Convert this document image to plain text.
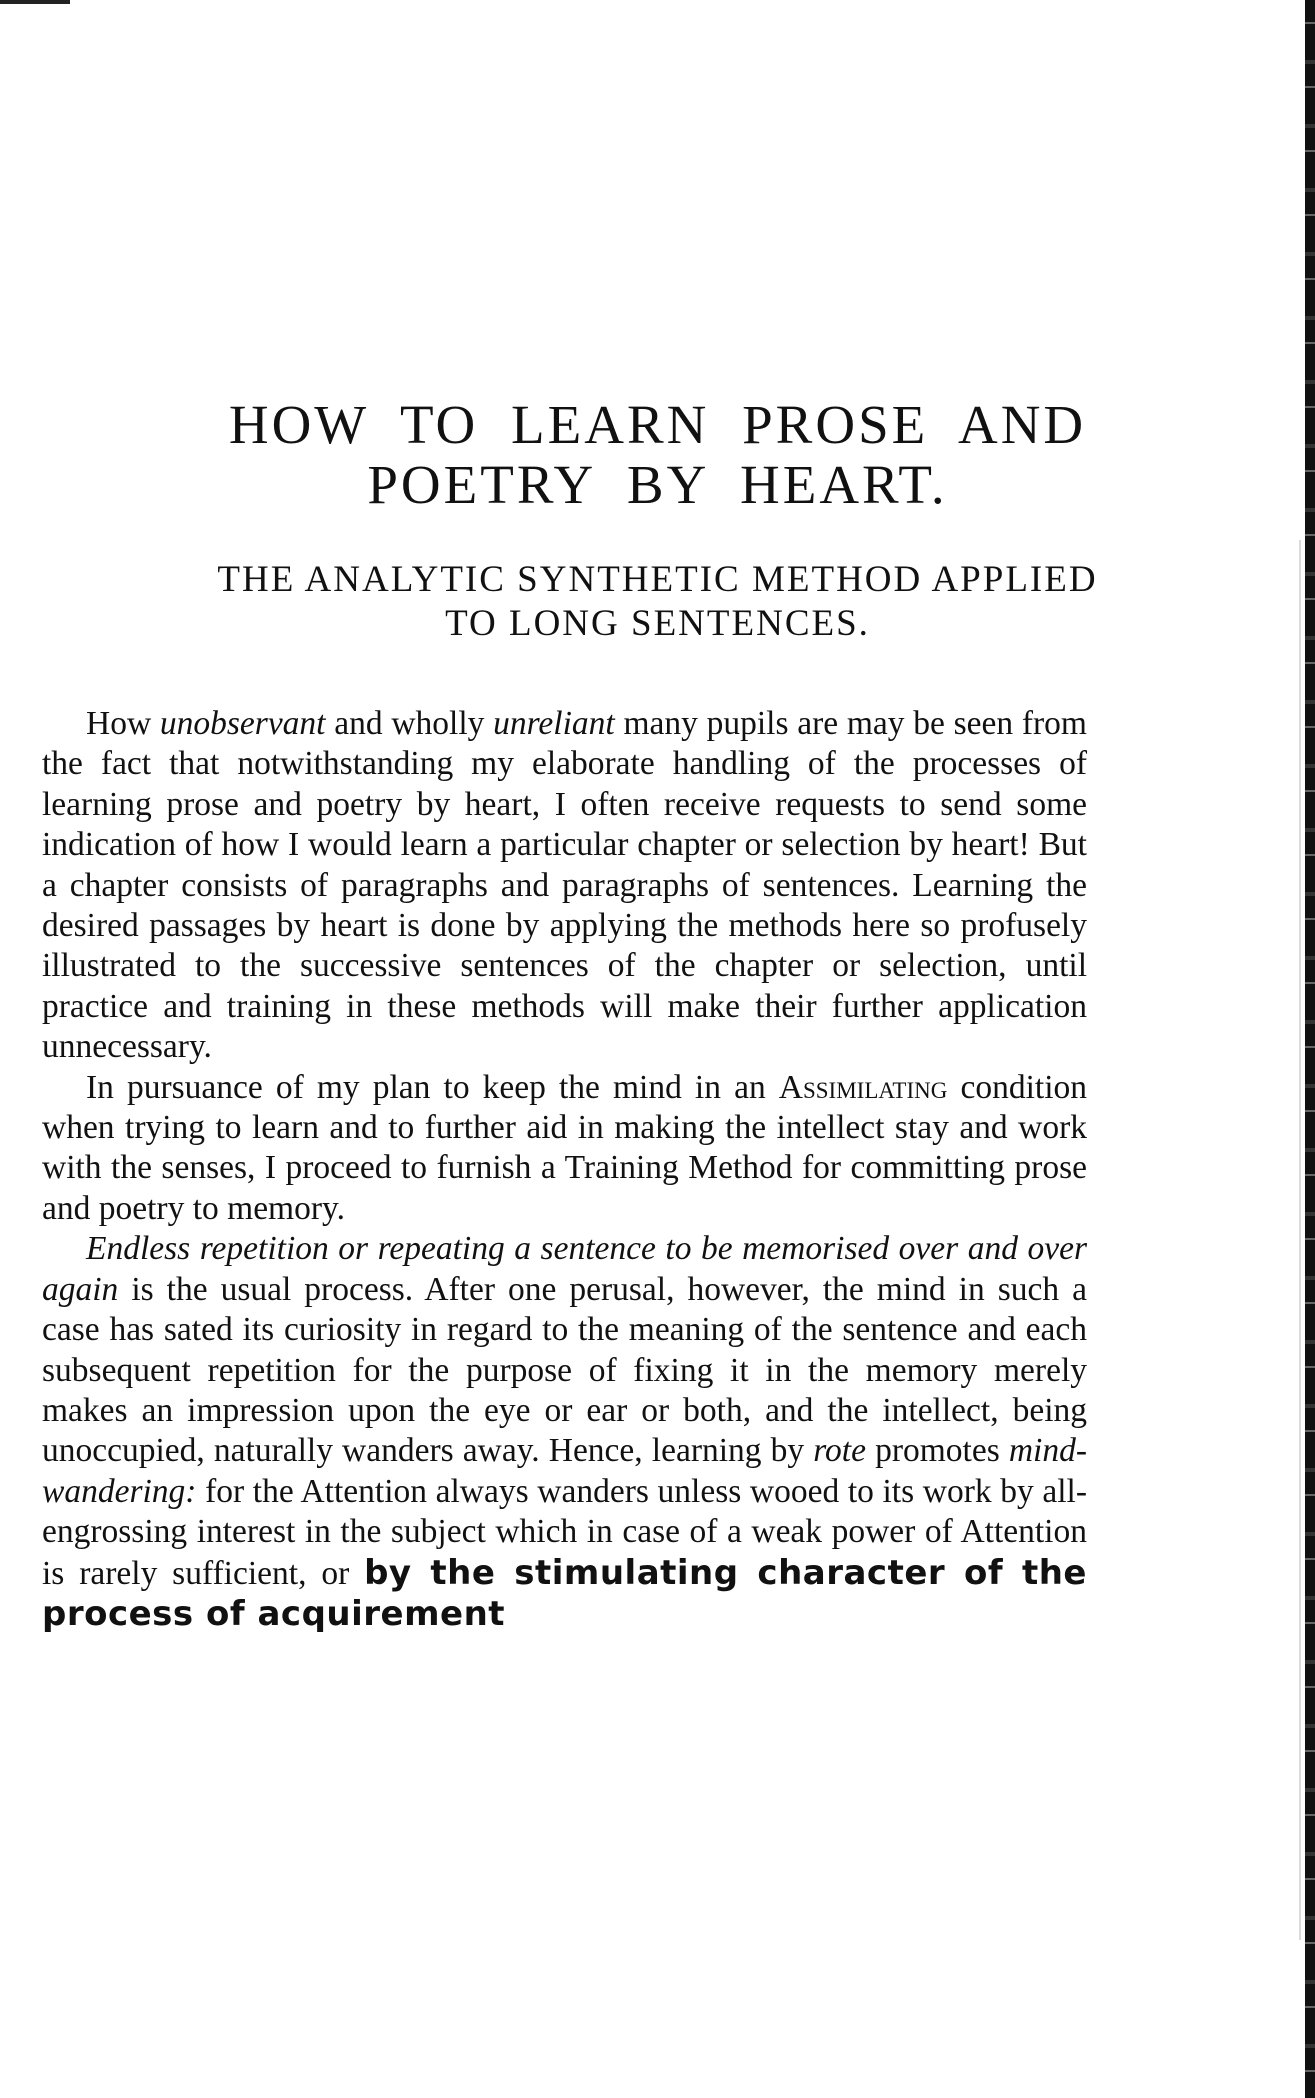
HOW TO LEARN PROSE AND
POETRY BY HEART.
THE ANALYTIC SYNTHETIC METHOD APPLIED
TO LONG SENTENCES.

How unobservant and wholly unreliant many pupils are may be seen from the fact that notwithstanding my elaborate handling of the processes of learning prose and poetry by heart, I often receive requests to send some indication of how I would learn a particular chapter or selection by heart! But a chapter consists of paragraphs and paragraphs of sentences. Learning the desired passages by heart is done by applying the methods here so profusely illustrated to the successive sentences of the chapter or selection, until practice and training in these methods will make their further application unnecessary.

In pursuance of my plan to keep the mind in an Assimilating condition when trying to learn and to further aid in making the intellect stay and work with the senses, I proceed to furnish a Training Method for committing prose and poetry to memory.

Endless repetition or repeating a sentence to be memorised over and over again is the usual process. After one perusal, however, the mind in such a case has sated its curiosity in regard to the meaning of the sentence and each subsequent repetition for the purpose of fixing it in the memory merely makes an impression upon the eye or ear or both, and the intellect, being unoccupied, naturally wanders away. Hence, learning by rote promotes mind-wandering: for the Attention always wanders unless wooed to its work by all-engrossing interest in the subject which in case of a weak power of Attention is rarely sufficient, or by the stimulating character of the process of acquirement
